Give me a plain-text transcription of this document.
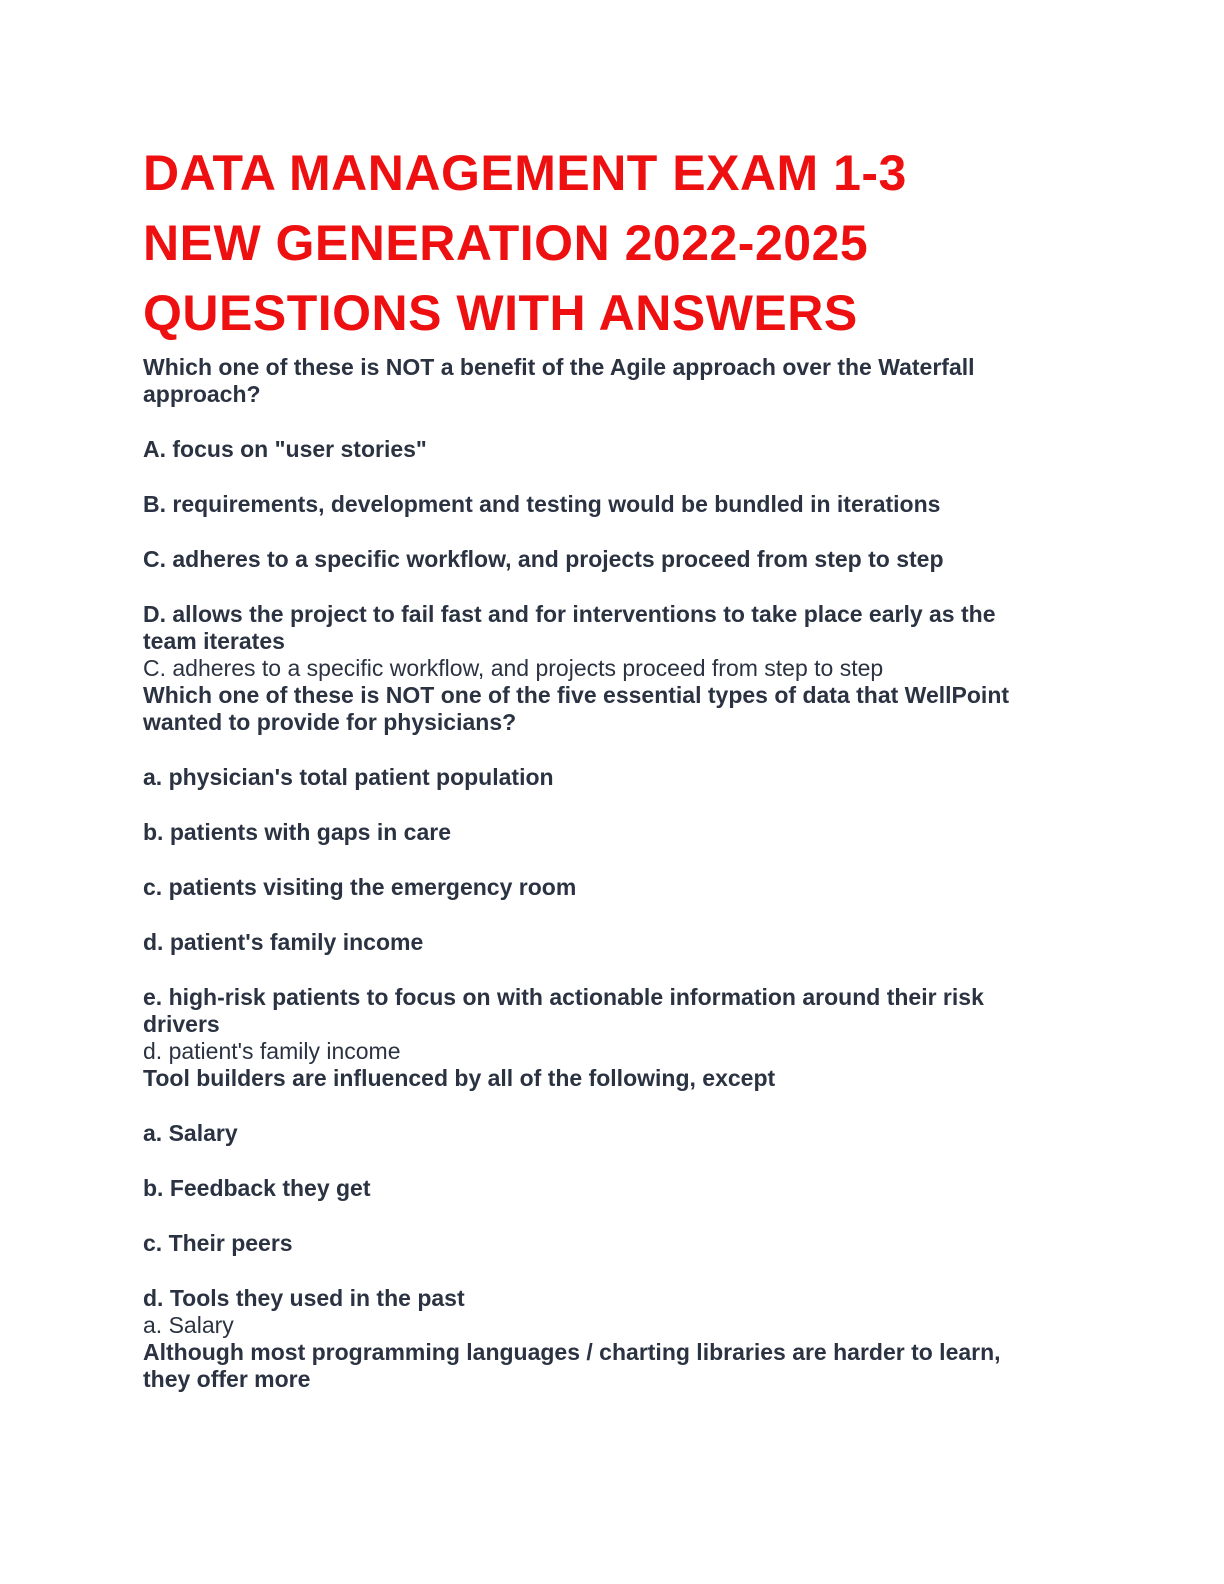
DATA MANAGEMENT EXAM 1-3
NEW GENERATION 2022-2025
QUESTIONS WITH ANSWERS

Which one of these is NOT a benefit of the Agile approach over the Waterfall approach?

A. focus on "user stories"

B. requirements, development and testing would be bundled in iterations

C. adheres to a specific workflow, and projects proceed from step to step

D. allows the project to fail fast and for interventions to take place early as the team iterates

C. adheres to a specific workflow, and projects proceed from step to step

Which one of these is NOT one of the five essential types of data that WellPoint wanted to provide for physicians?

a. physician's total patient population

b. patients with gaps in care

c. patients visiting the emergency room

d. patient's family income

e. high-risk patients to focus on with actionable information around their risk drivers

d. patient's family income

Tool builders are influenced by all of the following, except

a. Salary

b. Feedback they get

c. Their peers

d. Tools they used in the past

a. Salary

Although most programming languages / charting libraries are harder to learn, they offer more
